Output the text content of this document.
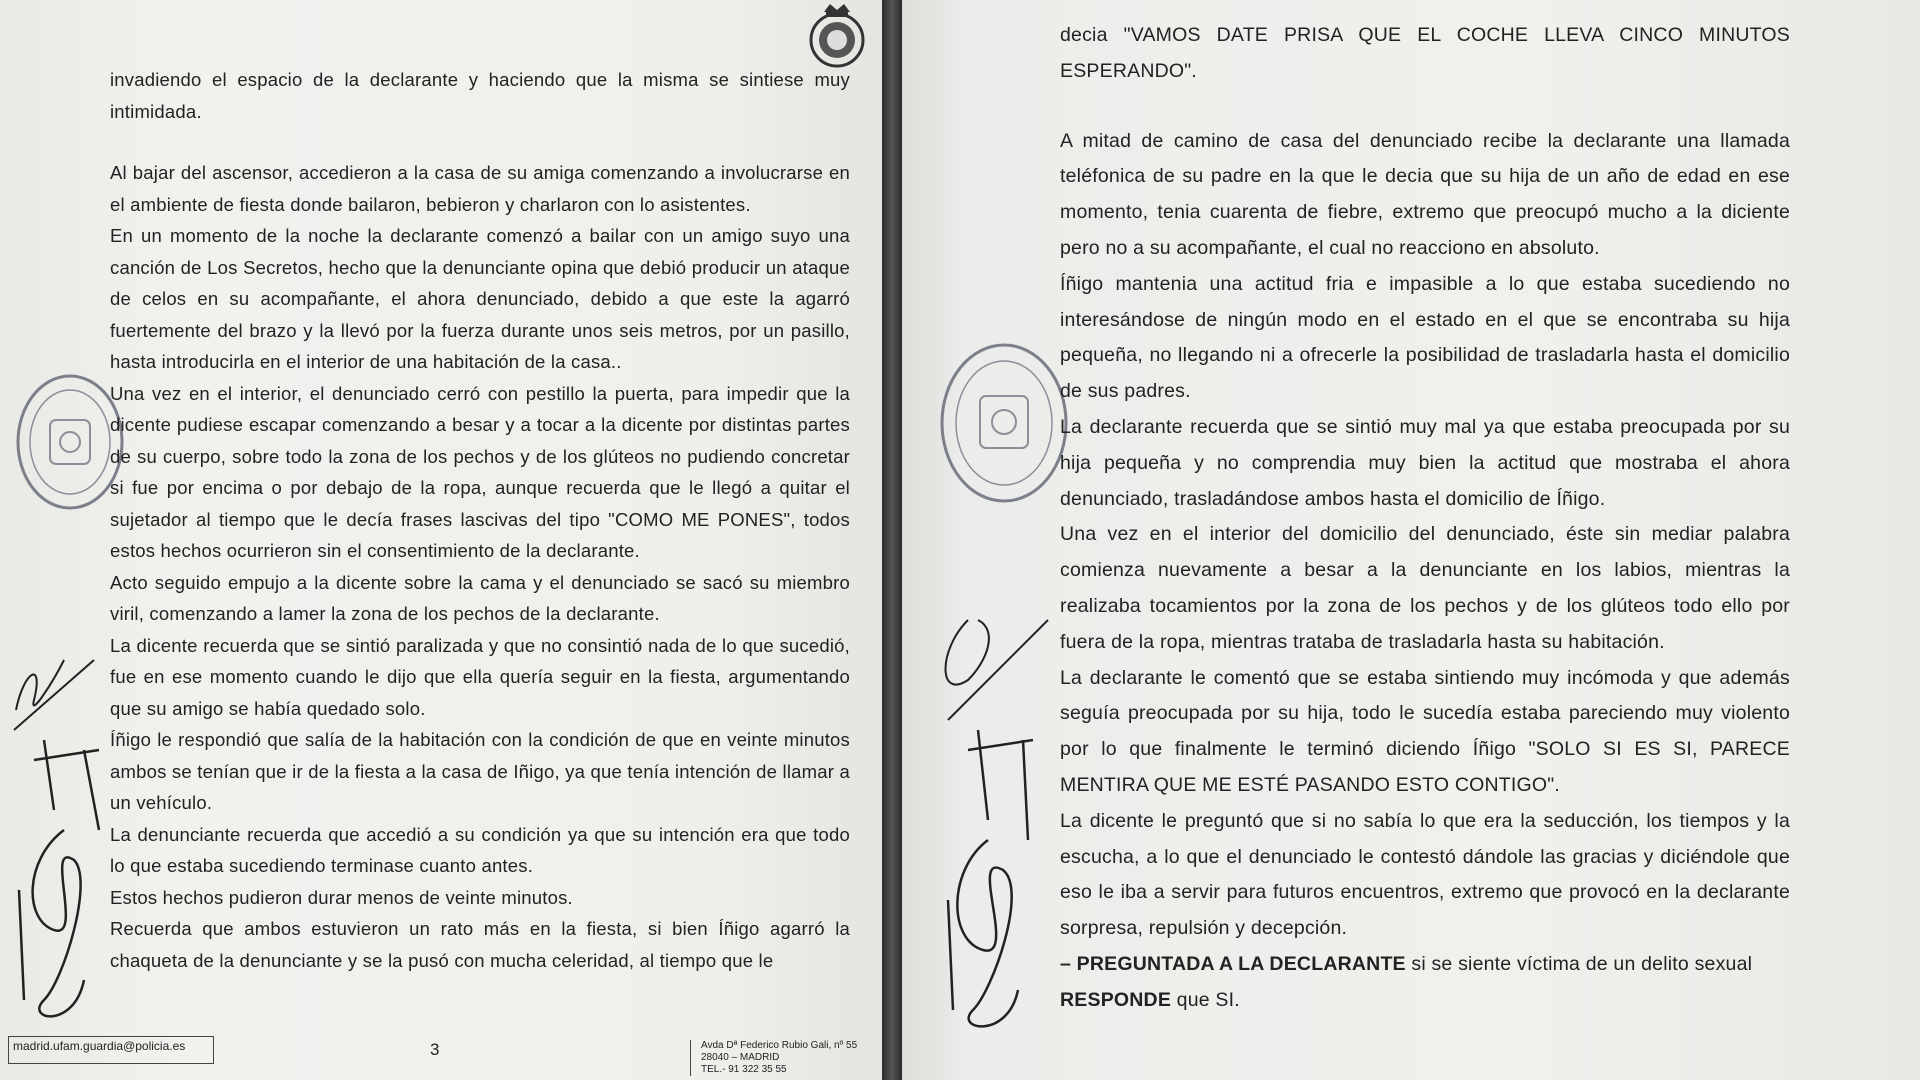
invadiendo el espacio de la declarante y haciendo que la misma se sintiese muy intimidada.

Al bajar del ascensor, accedieron a la casa de su amiga comenzando a involucrarse en el ambiente de fiesta donde bailaron, bebieron y charlaron con lo asistentes.

En un momento de la noche la declarante comenzó a bailar con un amigo suyo una canción de Los Secretos, hecho que la denunciante opina que debió producir un ataque de celos en su acompañante, el ahora denunciado, debido a que este la agarró fuertemente del brazo y la llevó por la fuerza durante unos seis metros, por un pasillo, hasta introducirla en el interior de una habitación de la casa..

Una vez en el interior, el denunciado cerró con pestillo la puerta, para impedir que la dicente pudiese escapar comenzando a besar y a tocar a la dicente por distintas partes de su cuerpo, sobre todo la zona de los pechos y de los glúteos no pudiendo concretar si fue por encima o por debajo de la ropa, aunque recuerda que le llegó a quitar el sujetador al tiempo que le decía frases lascivas del tipo "COMO ME PONES", todos estos hechos ocurrieron sin el consentimiento de la declarante.

Acto seguido empujo a la dicente sobre la cama y el denunciado se sacó su miembro viril, comenzando a lamer la zona de los pechos de la declarante.

La dicente recuerda que se sintió paralizada y que no consintió nada de lo que sucedió, fue en ese momento cuando le dijo que ella quería seguir en la fiesta, argumentando que su amigo se había quedado solo.

Íñigo le respondió que salía de la habitación con la condición de que en veinte minutos ambos se tenían que ir de la fiesta a la casa de Iñigo, ya que tenía intención de llamar a un vehículo.

La denunciante recuerda que accedió a su condición ya que su intención era que todo lo que estaba sucediendo terminase cuanto antes.

Estos hechos pudieron durar menos de veinte minutos.

Recuerda que ambos estuvieron un rato más en la fiesta, si bien Íñigo agarró la chaqueta de la denunciante y se la pusó con mucha celeridad, al tiempo que le

madrid.ufam.guardia@policia.es	3	Avda Dª Federico Rubio Gali, nº 55
28040 – MADRID
TEL.- 91 322 35 55

decia "VAMOS DATE PRISA QUE EL COCHE LLEVA CINCO MINUTOS ESPERANDO".

A mitad de camino de casa del denunciado recibe la declarante una llamada teléfonica de su padre en la que le decia que su hija de un año de edad en ese momento, tenia cuarenta de fiebre, extremo que preocupó mucho a la diciente pero no a su acompañante, el cual no reacciono en absoluto.

Íñigo mantenia una actitud fria e impasible a lo que estaba sucediendo no interesándose de ningún modo en el estado en el que se encontraba su hija pequeña, no llegando ni a ofrecerle la posibilidad de trasladarla hasta el domicilio de sus padres.

La declarante recuerda que se sintió muy mal ya que estaba preocupada por su hija pequeña y no comprendia muy bien la actitud que mostraba el ahora denunciado, trasladándose ambos hasta el domicilio de Íñigo.

Una vez en el interior del domicilio del denunciado, éste sin mediar palabra comienza nuevamente a besar a la denunciante en los labios, mientras la realizaba tocamientos por la zona de los pechos y de los glúteos todo ello por fuera de la ropa, mientras trataba de trasladarla hasta su habitación.

La declarante le comentó que se estaba sintiendo muy incómoda y que además seguía preocupada por su hija, todo le sucedía estaba pareciendo muy violento por lo que finalmente le terminó diciendo Íñigo "SOLO SI ES SI, PARECE MENTIRA QUE ME ESTÉ PASANDO ESTO CONTIGO".

La dicente le preguntó que si no sabía lo que era la seducción, los tiempos y la escucha, a lo que el denunciado le contestó dándole las gracias y diciéndole que eso le iba a servir para futuros encuentros, extremo que provocó en la declarante sorpresa, repulsión y decepción.

– PREGUNTADA A LA DECLARANTE si se siente víctima de un delito sexual

RESPONDE que SI.
